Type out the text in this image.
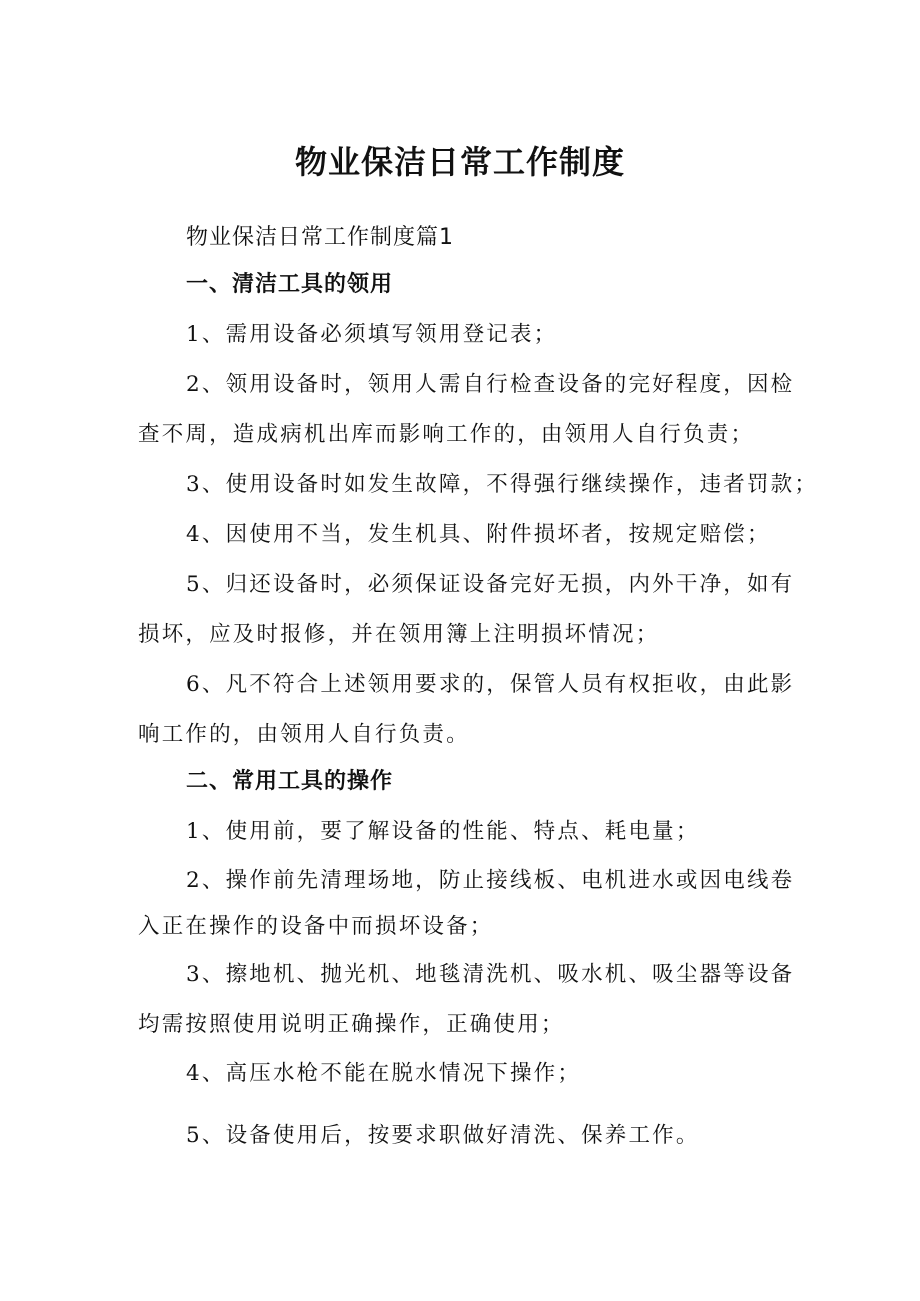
物业保洁日常工作制度
物业保洁日常工作制度篇1
一、清洁工具的领用
1、需用设备必须填写领用登记表；
2、领用设备时，领用人需自行检查设备的完好程度，因检
查不周，造成病机出库而影响工作的，由领用人自行负责；
3、使用设备时如发生故障，不得强行继续操作，违者罚款；
4、因使用不当，发生机具、附件损坏者，按规定赔偿；
5、归还设备时，必须保证设备完好无损，内外干净，如有
损坏，应及时报修，并在领用簿上注明损坏情况；
6、凡不符合上述领用要求的，保管人员有权拒收，由此影
响工作的，由领用人自行负责。
二、常用工具的操作
1、使用前，要了解设备的性能、特点、耗电量；
2、操作前先清理场地，防止接线板、电机进水或因电线卷
入正在操作的设备中而损坏设备；
3、擦地机、抛光机、地毯清洗机、吸水机、吸尘器等设备
均需按照使用说明正确操作，正确使用；
4、高压水枪不能在脱水情况下操作；
5、设备使用后，按要求职做好清洗、保养工作。
